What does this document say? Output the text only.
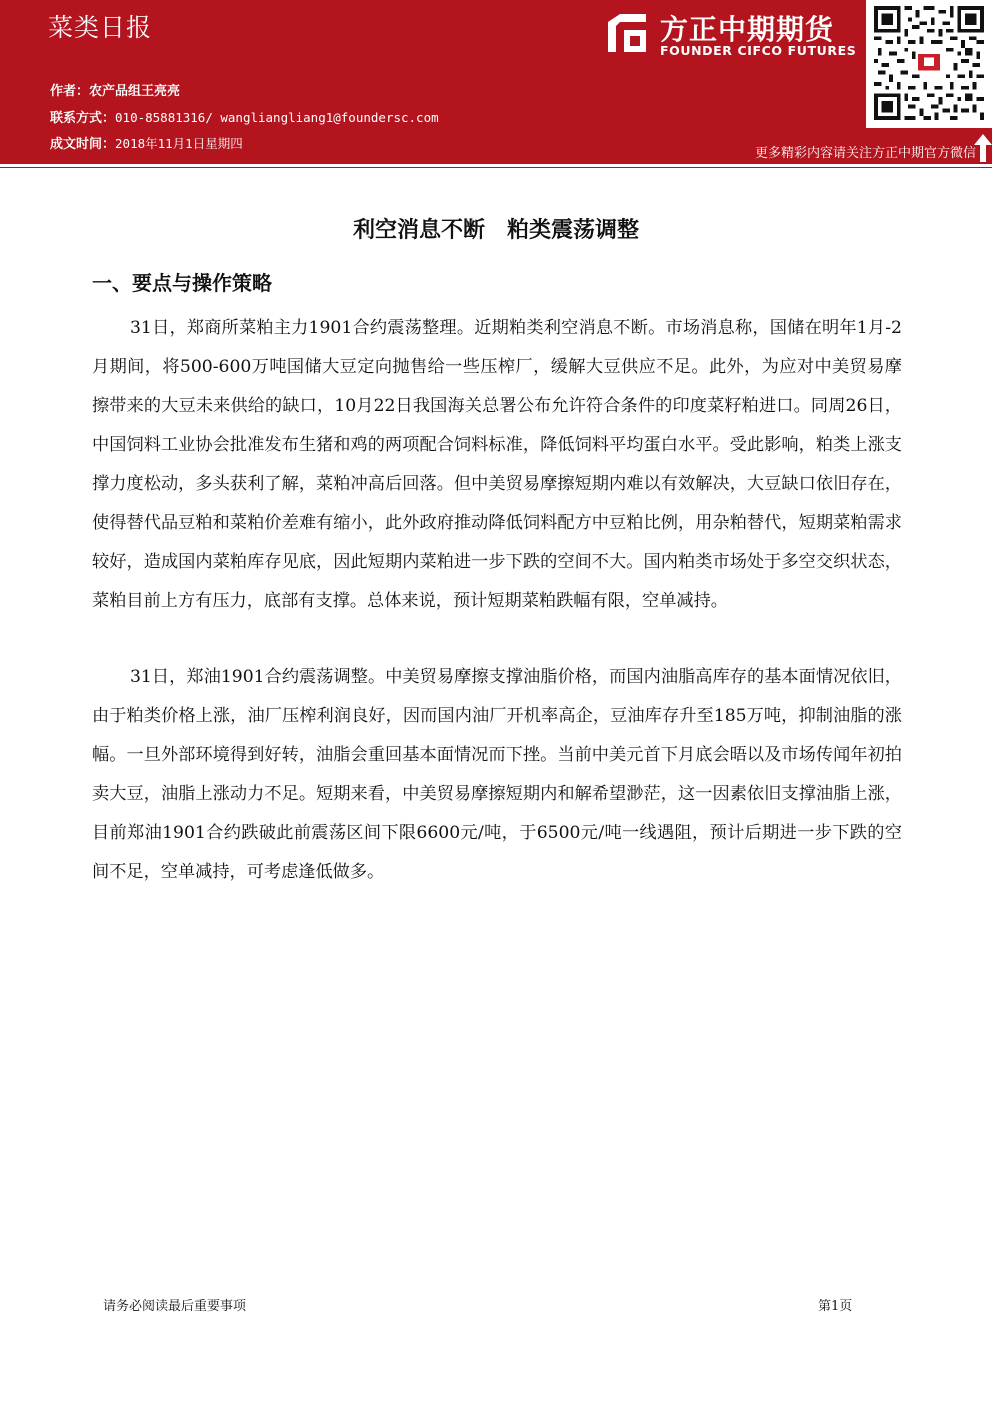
菜类日报
作者：农产品组王亮亮
联系方式：010-85881316/ wangliangliang1@foundersc.com
成文时间：2018年11月1日星期四
方正中期期货
FOUNDER CIFCO FUTURES
更多精彩内容请关注方正中期官方微信
利空消息不断　粕类震荡调整
一、要点与操作策略
31日，郑商所菜粕主力1901合约震荡整理。近期粕类利空消息不断。市场消息称，国储在明年1月-2月期间，将500-600万吨国储大豆定向抛售给一些压榨厂，缓解大豆供应不足。此外，为应对中美贸易摩擦带来的大豆未来供给的缺口，10月22日我国海关总署公布允许符合条件的印度菜籽粕进口。同周26日，中国饲料工业协会批准发布生猪和鸡的两项配合饲料标准，降低饲料平均蛋白水平。受此影响，粕类上涨支撑力度松动，多头获利了解，菜粕冲高后回落。但中美贸易摩擦短期内难以有效解决，大豆缺口依旧存在，使得替代品豆粕和菜粕价差难有缩小，此外政府推动降低饲料配方中豆粕比例，用杂粕替代，短期菜粕需求较好，造成国内菜粕库存见底，因此短期内菜粕进一步下跌的空间不大。国内粕类市场处于多空交织状态，菜粕目前上方有压力，底部有支撑。总体来说，预计短期菜粕跌幅有限，空单减持。
31日，郑油1901合约震荡调整。中美贸易摩擦支撑油脂价格，而国内油脂高库存的基本面情况依旧，由于粕类价格上涨，油厂压榨利润良好，因而国内油厂开机率高企，豆油库存升至185万吨，抑制油脂的涨幅。一旦外部环境得到好转，油脂会重回基本面情况而下挫。当前中美元首下月底会晤以及市场传闻年初拍卖大豆，油脂上涨动力不足。短期来看，中美贸易摩擦短期内和解希望渺茫，这一因素依旧支撑油脂上涨，目前郑油1901合约跌破此前震荡区间下限6600元/吨，于6500元/吨一线遇阻，预计后期进一步下跌的空间不足，空单减持，可考虑逢低做多。
请务必阅读最后重要事项	第1页
